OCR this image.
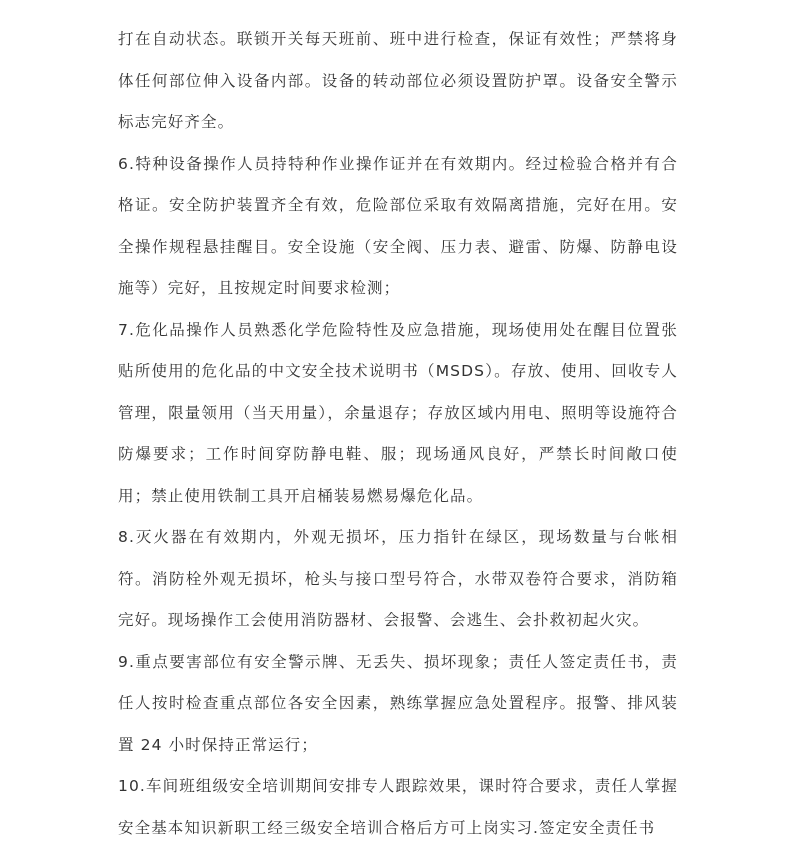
打在自动状态。联锁开关每天班前、班中进行检查，保证有效性；严禁将身体任何部位伸入设备内部。设备的转动部位必须设置防护罩。设备安全警示标志完好齐全。

6.特种设备操作人员持特种作业操作证并在有效期内。经过检验合格并有合格证。安全防护装置齐全有效，危险部位采取有效隔离措施，完好在用。安全操作规程悬挂醒目。安全设施（安全阀、压力表、避雷、防爆、防静电设施等）完好，且按规定时间要求检测；

7.危化品操作人员熟悉化学危险特性及应急措施，现场使用处在醒目位置张贴所使用的危化品的中文安全技术说明书（MSDS）。存放、使用、回收专人管理，限量领用（当天用量），余量退存；存放区域内用电、照明等设施符合防爆要求；工作时间穿防静电鞋、服；现场通风良好，严禁长时间敞口使用；禁止使用铁制工具开启桶装易燃易爆危化品。

8.灭火器在有效期内，外观无损坏，压力指针在绿区，现场数量与台帐相符。消防栓外观无损坏，枪头与接口型号符合，水带双卷符合要求，消防箱完好。现场操作工会使用消防器材、会报警、会逃生、会扑救初起火灾。

9.重点要害部位有安全警示牌、无丢失、损坏现象；责任人签定责任书，责任人按时检查重点部位各安全因素，熟练掌握应急处置程序。报警、排风装置 24 小时保持正常运行；

10.车间班组级安全培训期间安排专人跟踪效果，课时符合要求，责任人掌握安全基本知识新职工经三级安全培训合格后方可上岗实习.签定安全责任书
